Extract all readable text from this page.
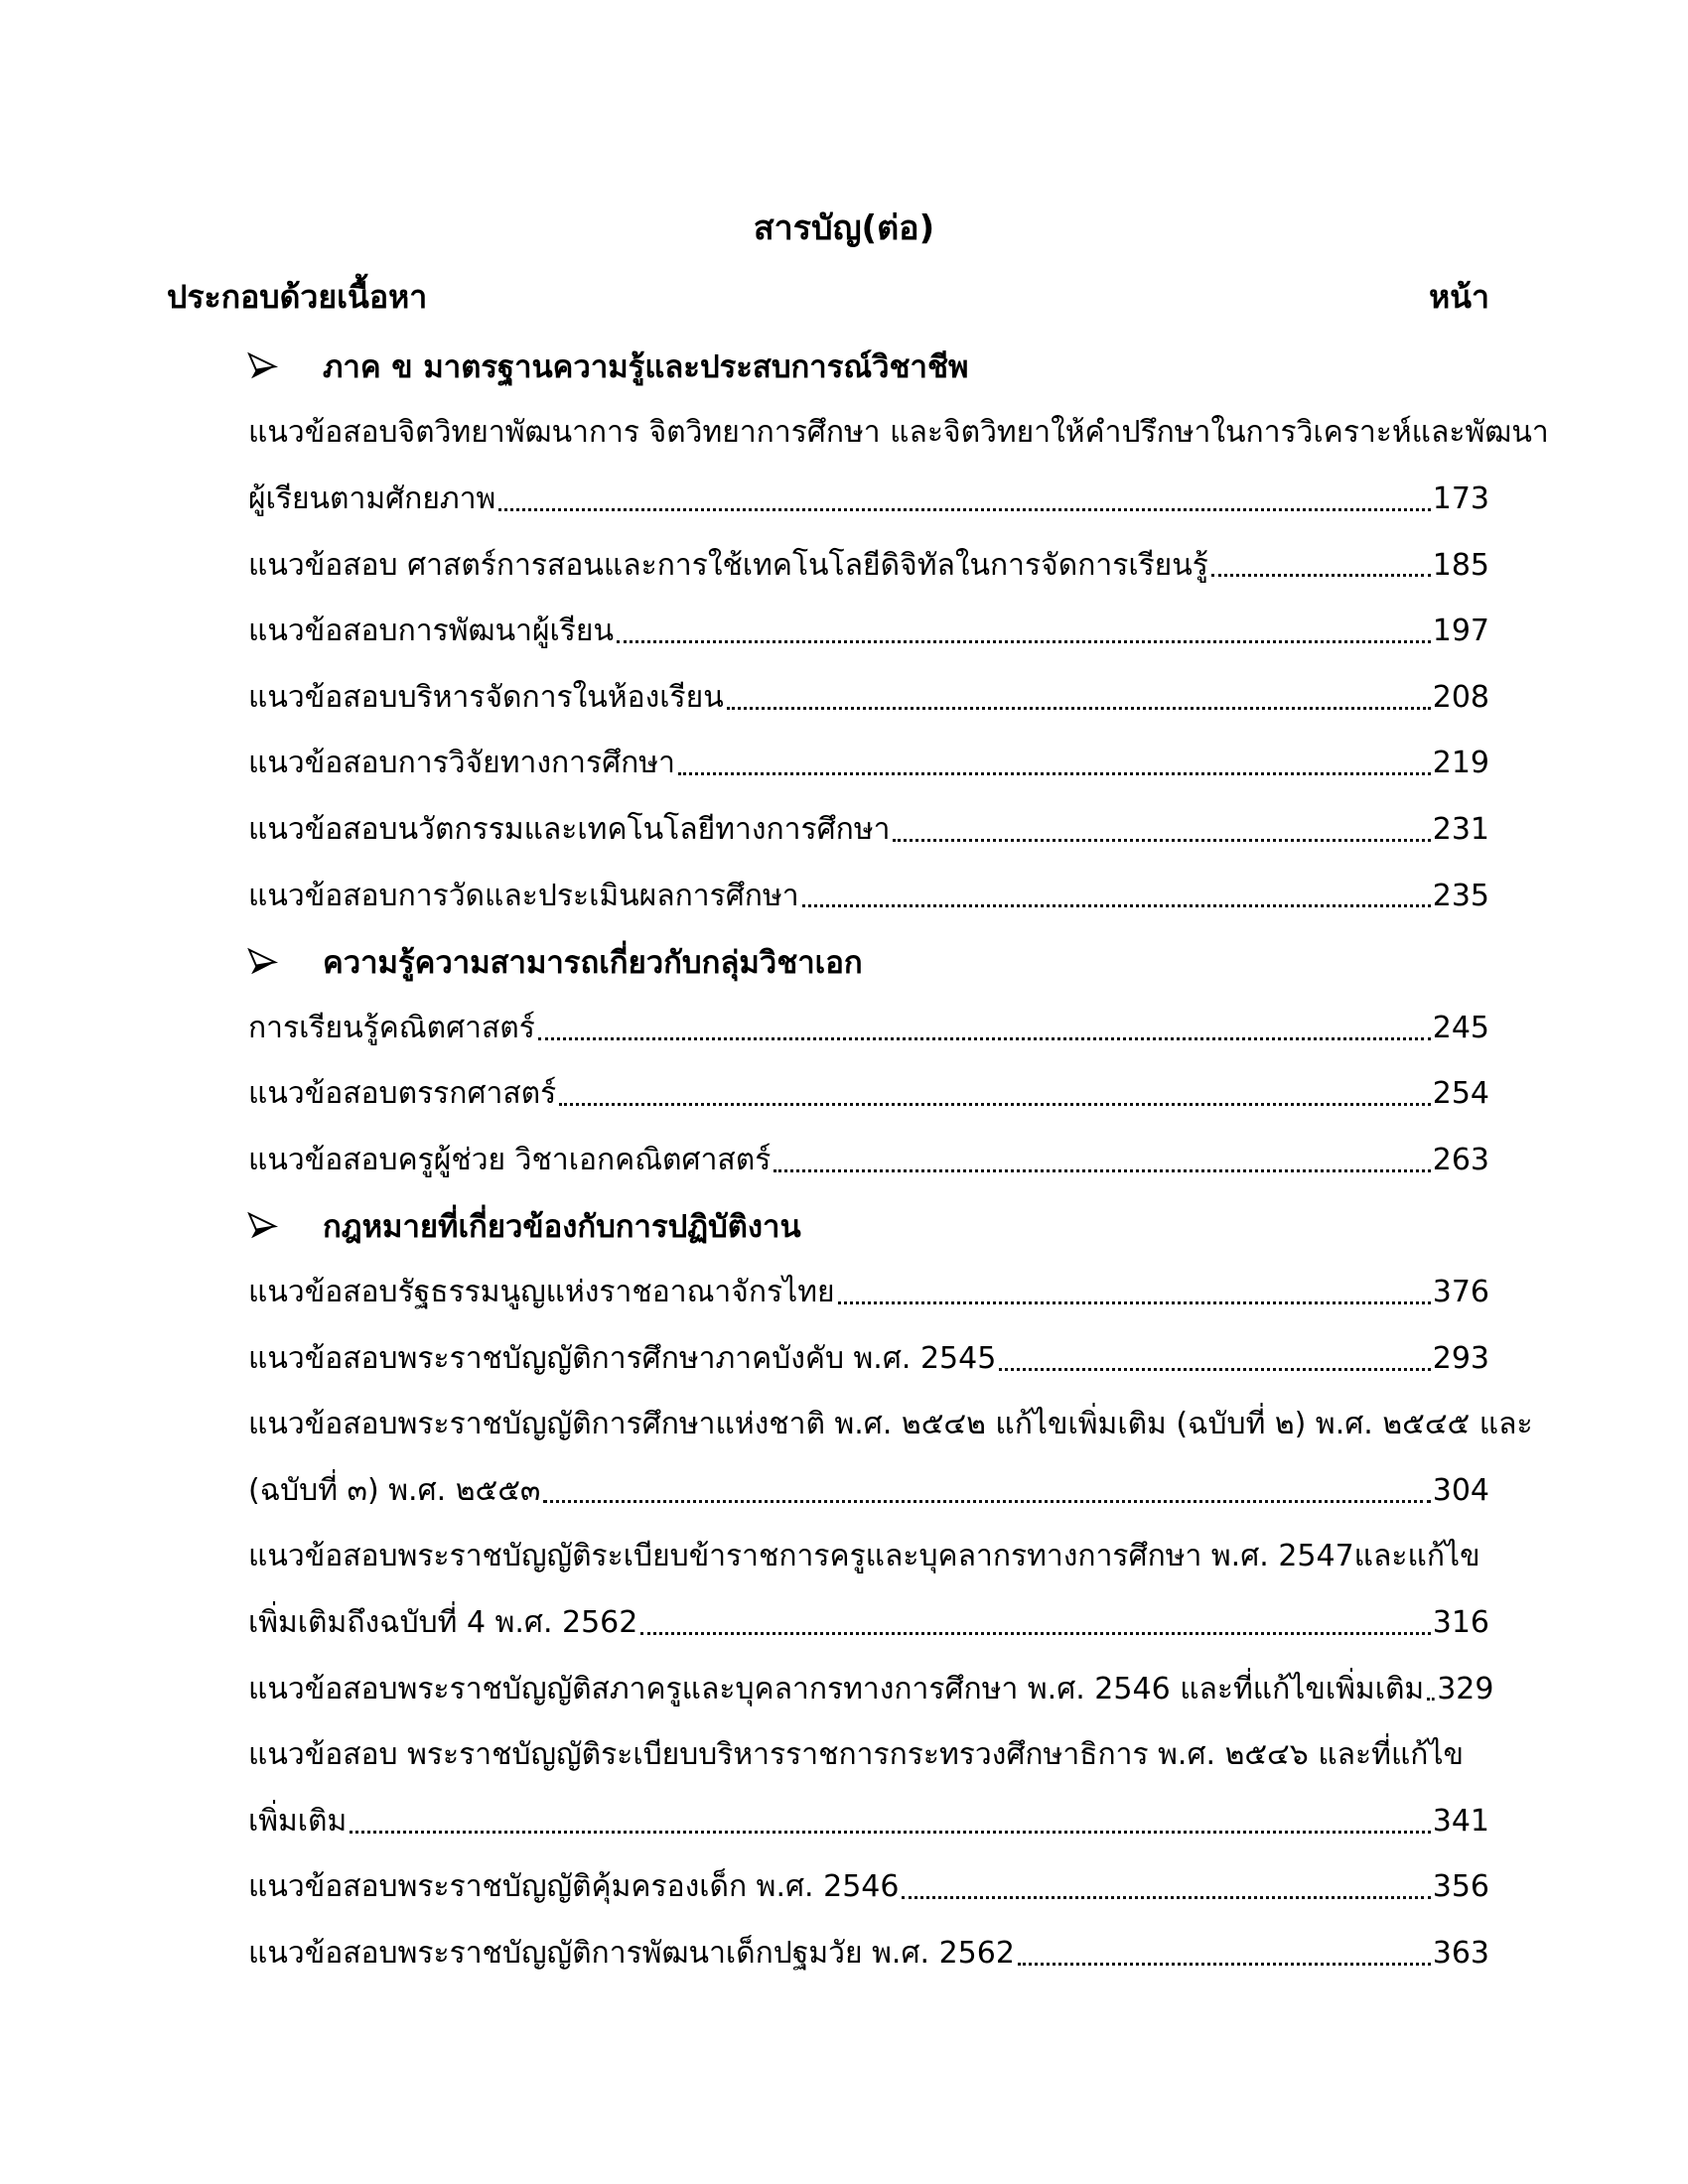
สารบัญ(ต่อ)
ประกอบด้วยเนื้อหา	หน้า
ภาค ข มาตรฐานความรู้และประสบการณ์วิชาชีพ
แนวข้อสอบจิตวิทยาพัฒนาการ จิตวิทยาการศึกษา และจิตวิทยาให้คำปรึกษาในการวิเคราะห์และพัฒนา
ผู้เรียนตามศักยภาพ	173
แนวข้อสอบ ศาสตร์การสอนและการใช้เทคโนโลยีดิจิทัลในการจัดการเรียนรู้	185
แนวข้อสอบการพัฒนาผู้เรียน	197
แนวข้อสอบบริหารจัดการในห้องเรียน	208
แนวข้อสอบการวิจัยทางการศึกษา	219
แนวข้อสอบนวัตกรรมและเทคโนโลยีทางการศึกษา	231
แนวข้อสอบการวัดและประเมินผลการศึกษา	235
ความรู้ความสามารถเกี่ยวกับกลุ่มวิชาเอก
การเรียนรู้คณิตศาสตร์	245
แนวข้อสอบตรรกศาสตร์	254
แนวข้อสอบครูผู้ช่วย วิชาเอกคณิตศาสตร์	263
กฎหมายที่เกี่ยวข้องกับการปฏิบัติงาน
แนวข้อสอบรัฐธรรมนูญแห่งราชอาณาจักรไทย	376
แนวข้อสอบพระราชบัญญัติการศึกษาภาคบังคับ พ.ศ. 2545	293
แนวข้อสอบพระราชบัญญัติการศึกษาแห่งชาติ พ.ศ. ๒๕๔๒ แก้ไขเพิ่มเติม (ฉบับที่ ๒) พ.ศ. ๒๕๔๕ และ
(ฉบับที่ ๓) พ.ศ. ๒๕๕๓	304
แนวข้อสอบพระราชบัญญัติระเบียบข้าราชการครูและบุคลากรทางการศึกษา พ.ศ. 2547และแก้ไข
เพิ่มเติมถึงฉบับที่ 4 พ.ศ. 2562	316
แนวข้อสอบพระราชบัญญัติสภาครูและบุคลากรทางการศึกษา พ.ศ. 2546 และที่แก้ไขเพิ่มเติม 329
แนวข้อสอบ พระราชบัญญัติระเบียบบริหารราชการกระทรวงศึกษาธิการ พ.ศ. ๒๕๔๖ และที่แก้ไข
เพิ่มเติม	341
แนวข้อสอบพระราชบัญญัติคุ้มครองเด็ก พ.ศ. 2546	356
แนวข้อสอบพระราชบัญญัติการพัฒนาเด็กปฐมวัย พ.ศ. 2562	363
